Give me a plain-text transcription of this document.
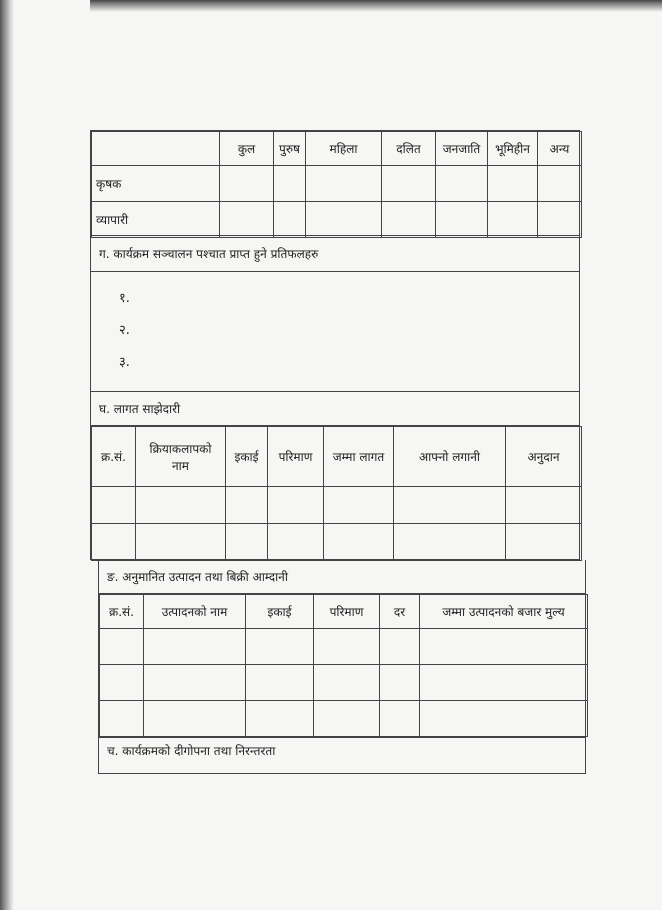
	कुल	पुरुष	महिला	दलित	जनजाति	भूमिहीन	अन्य
कृषक							
व्यापारी							
ग. कार्यक्रम सञ्चालन पश्चात प्राप्त हुने प्रतिफलहरु
१.
२.
३.
घ. लागत साझेदारी
क्र.सं.	क्रियाकलापको नाम	इकाई	परिमाण	जम्मा लागत	आफ्नो लगानी	अनुदान

ङ. अनुमानित उत्पादन तथा बिक्री आम्दानी
क्र.सं.	उत्पादनको नाम	इकाई	परिमाण	दर	जम्मा उत्पादनको बजार मुल्य

च. कार्यक्रमको दीगोपना तथा निरन्तरता
